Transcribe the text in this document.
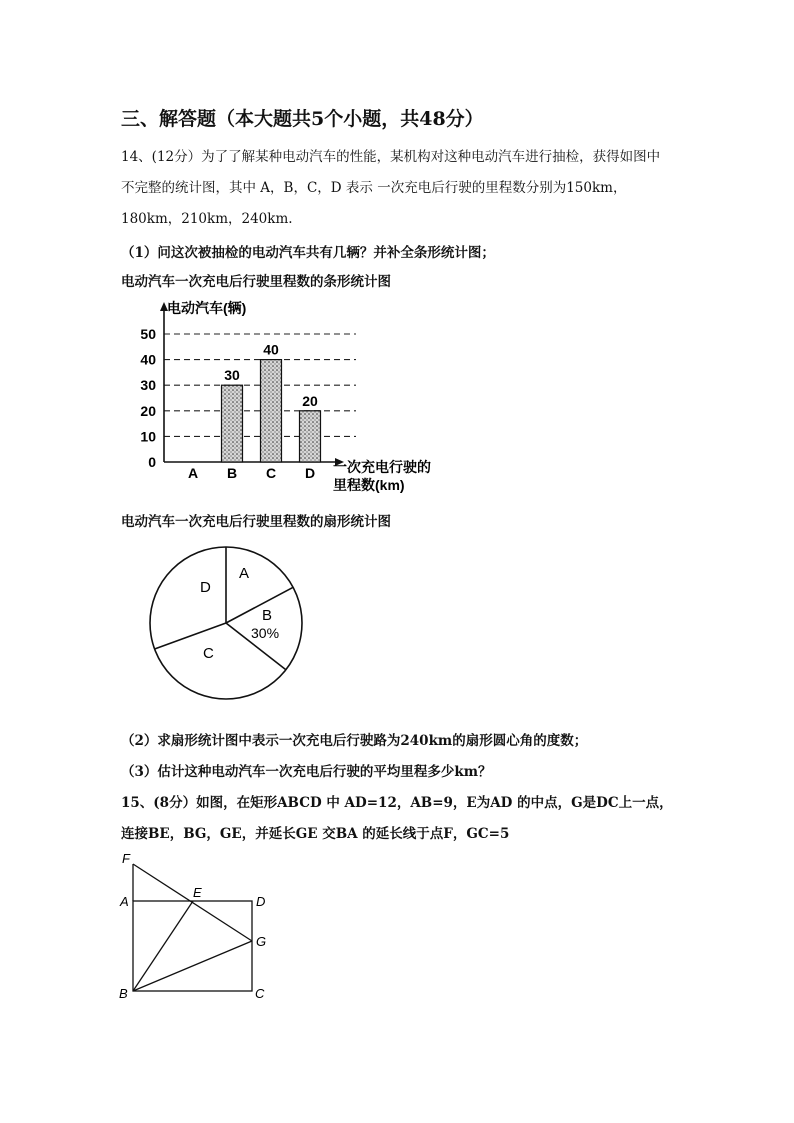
三、解答题（本大题共5个小题，共48分）
14、(12分）为了了解某种电动汽车的性能，某机构对这种电动汽车进行抽检，获得如图中
不完整的统计图，其中 A，B，C，D 表示 一次充电后行驶的里程数分别为150km，
180km，210km，240km.
（1）问这次被抽检的电动汽车共有几辆？并补全条形统计图；
电动汽车一次充电后行驶里程数的条形统计图
电动汽车(辆)
一次充电行驶的
里程数(km)
0
10
20
30
40
50
30
40
20
A B C D
电动汽车一次充电后行驶里程数的扇形统计图
A
B
30%
C
D
（2）求扇形统计图中表示一次充电后行驶路为240km的扇形圆心角的度数；
（3）估计这种电动汽车一次充电后行驶的平均里程多少km？
15、(8分）如图，在矩形ABCD 中 AD=12，AB=9，E为AD 的中点，G是DC上一点，
连接BE，BG，GE，并延长GE 交BA 的延长线于点F，GC=5
F
A
E
D
G
B	C
